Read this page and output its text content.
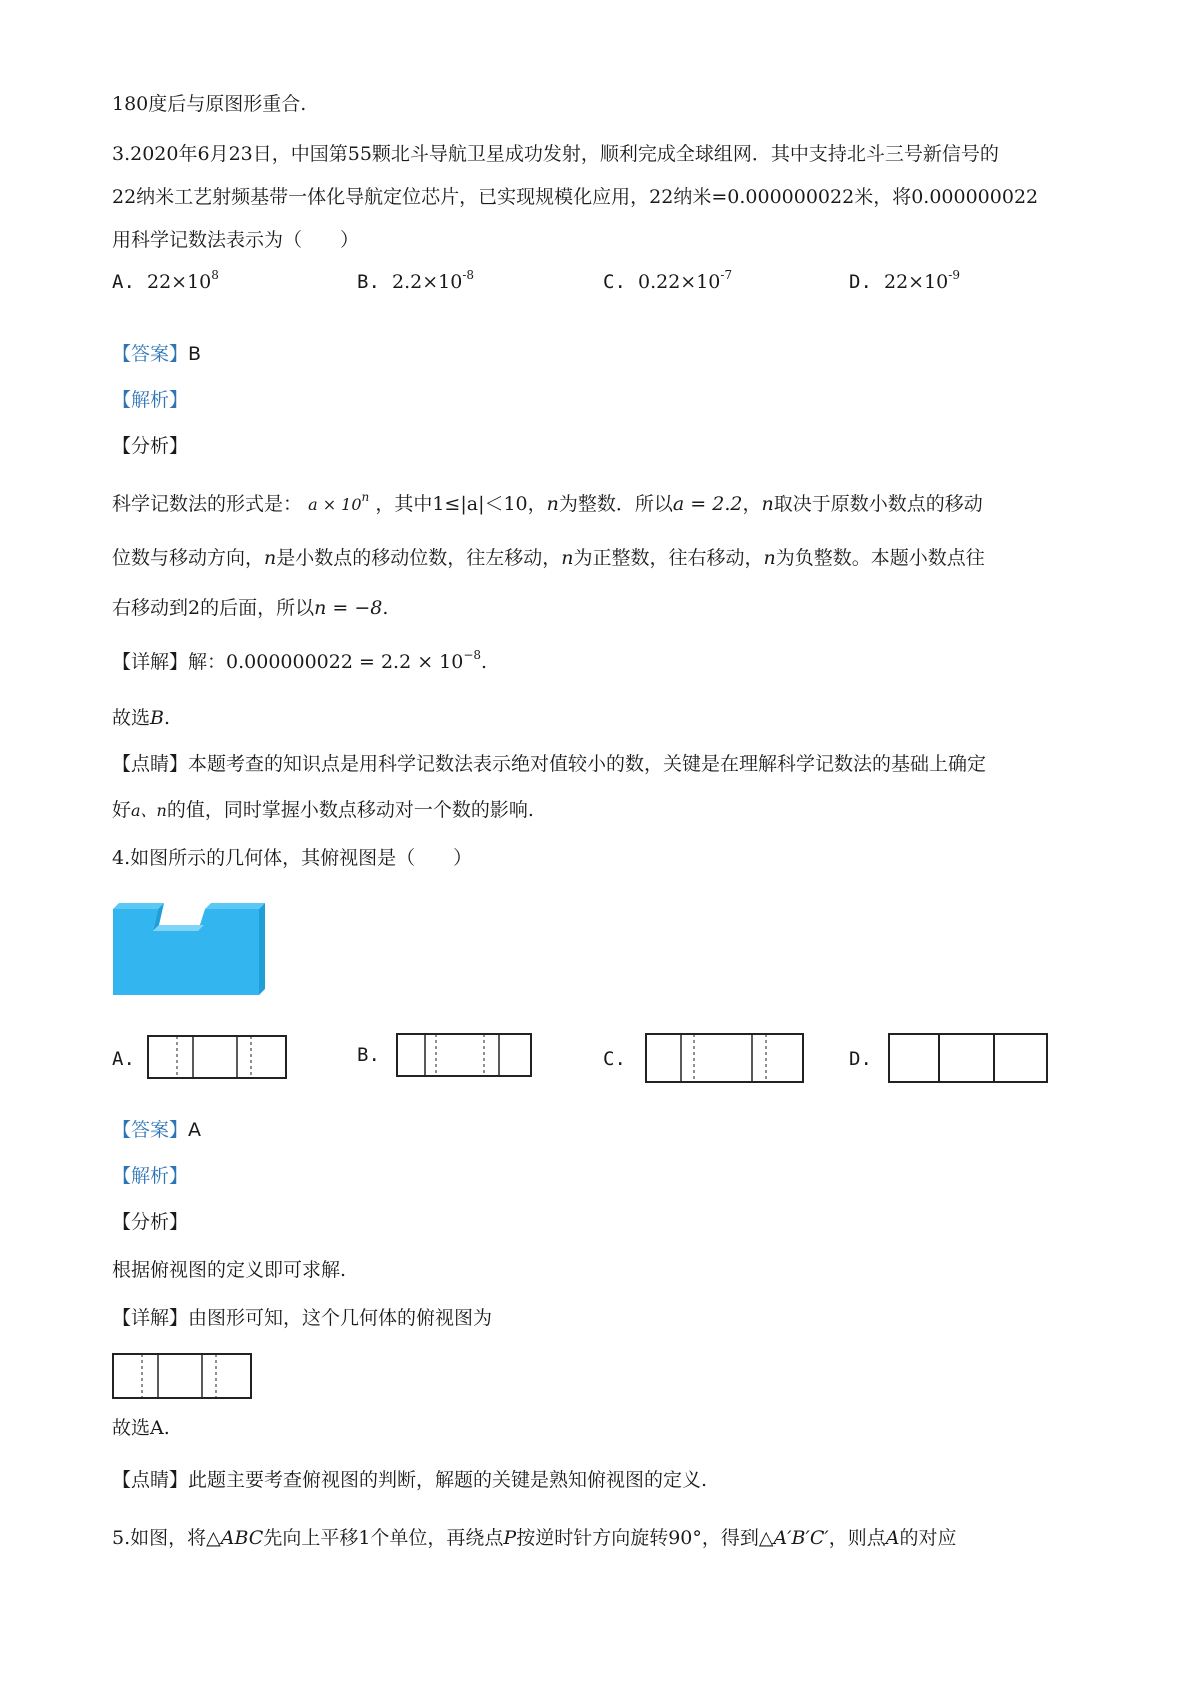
180度后与原图形重合.
3.2020年6月23日，中国第55颗北斗导航卫星成功发射，顺利完成全球组网．其中支持北斗三号新信号的
22纳米工艺射频基带一体化导航定位芯片，已实现规模化应用，22纳米=0.000000022米，将0.000000022
用科学记数法表示为（　　）
A. $22\times 10^8$	B. $2.2\times 10^{-8}$	C. $0.22\times 10^{-7}$	D. $22\times 10^{-9}$
【答案】B
【解析】
【分析】
科学记数法的形式是： $a \times 10^n$ ，其中1≤|a|＜10，n为整数．所以a = 2.2，n取决于原数小数点的移动
位数与移动方向，n是小数点的移动位数，往左移动，n为正整数，往右移动，n为负整数。本题小数点往
右移动到2的后面，所以n = −8.
【详解】解：$0.000000022 = 2.2 \times 10^{-8}$.
故选B.
【点睛】本题考查的知识点是用科学记数法表示绝对值较小的数，关键是在理解科学记数法的基础上确定
好a、n的值，同时掌握小数点移动对一个数的影响.
4.如图所示的几何体，其俯视图是（　　）
A.	B.	C.	D.
【答案】A
【解析】
【分析】
根据俯视图的定义即可求解.
【详解】由图形可知，这个几何体的俯视图为
故选A.
【点睛】此题主要考查俯视图的判断，解题的关键是熟知俯视图的定义.
5.如图，将△ABC先向上平移1个单位，再绕点P按逆时针方向旋转90°，得到△A′B′C′，则点A的对应
